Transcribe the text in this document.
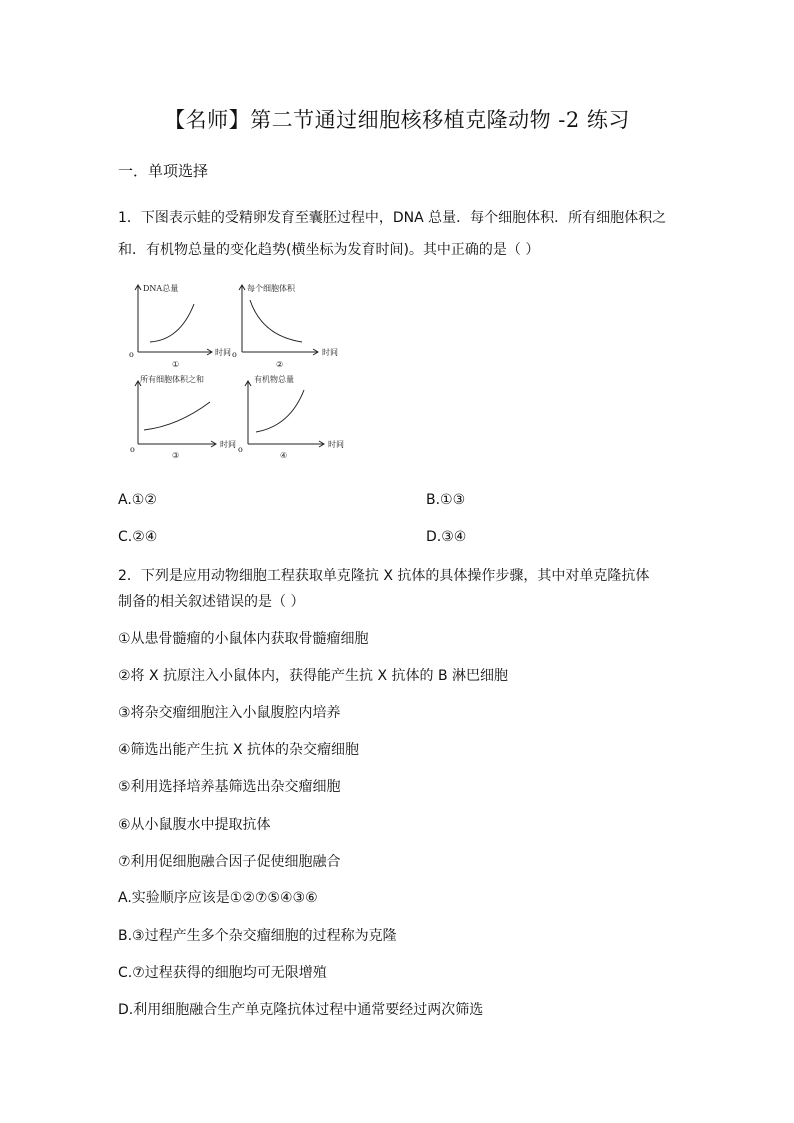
【名师】第二节通过细胞核移植克隆动物 -2 练习
一．单项选择
1．下图表示蛙的受精卵发育至囊胚过程中，DNA 总量．每个细胞体积．所有细胞体积之
和．有机物总量的变化趋势(横坐标为发育时间)。其中正确的是（ ）
DNA总量
时间
o
①
每个细胞体积
时间
o
②
所有细胞体积之和
时间
o
③
有机物总量
时间
o
④
A.①②	B.①③
C.②④	D.③④
2．下列是应用动物细胞工程获取单克隆抗 X 抗体的具体操作步骤，其中对单克隆抗体
制备的相关叙述错误的是（ ）
①从患骨髓瘤的小鼠体内获取骨髓瘤细胞
②将 X 抗原注入小鼠体内，获得能产生抗 X 抗体的 B 淋巴细胞
③将杂交瘤细胞注入小鼠腹腔内培养
④筛选出能产生抗 X 抗体的杂交瘤细胞
⑤利用选择培养基筛选出杂交瘤细胞
⑥从小鼠腹水中提取抗体
⑦利用促细胞融合因子促使细胞融合
A.实验顺序应该是①②⑦⑤④③⑥
B.③过程产生多个杂交瘤细胞的过程称为克隆
C.⑦过程获得的细胞均可无限增殖
D.利用细胞融合生产单克隆抗体过程中通常要经过两次筛选
